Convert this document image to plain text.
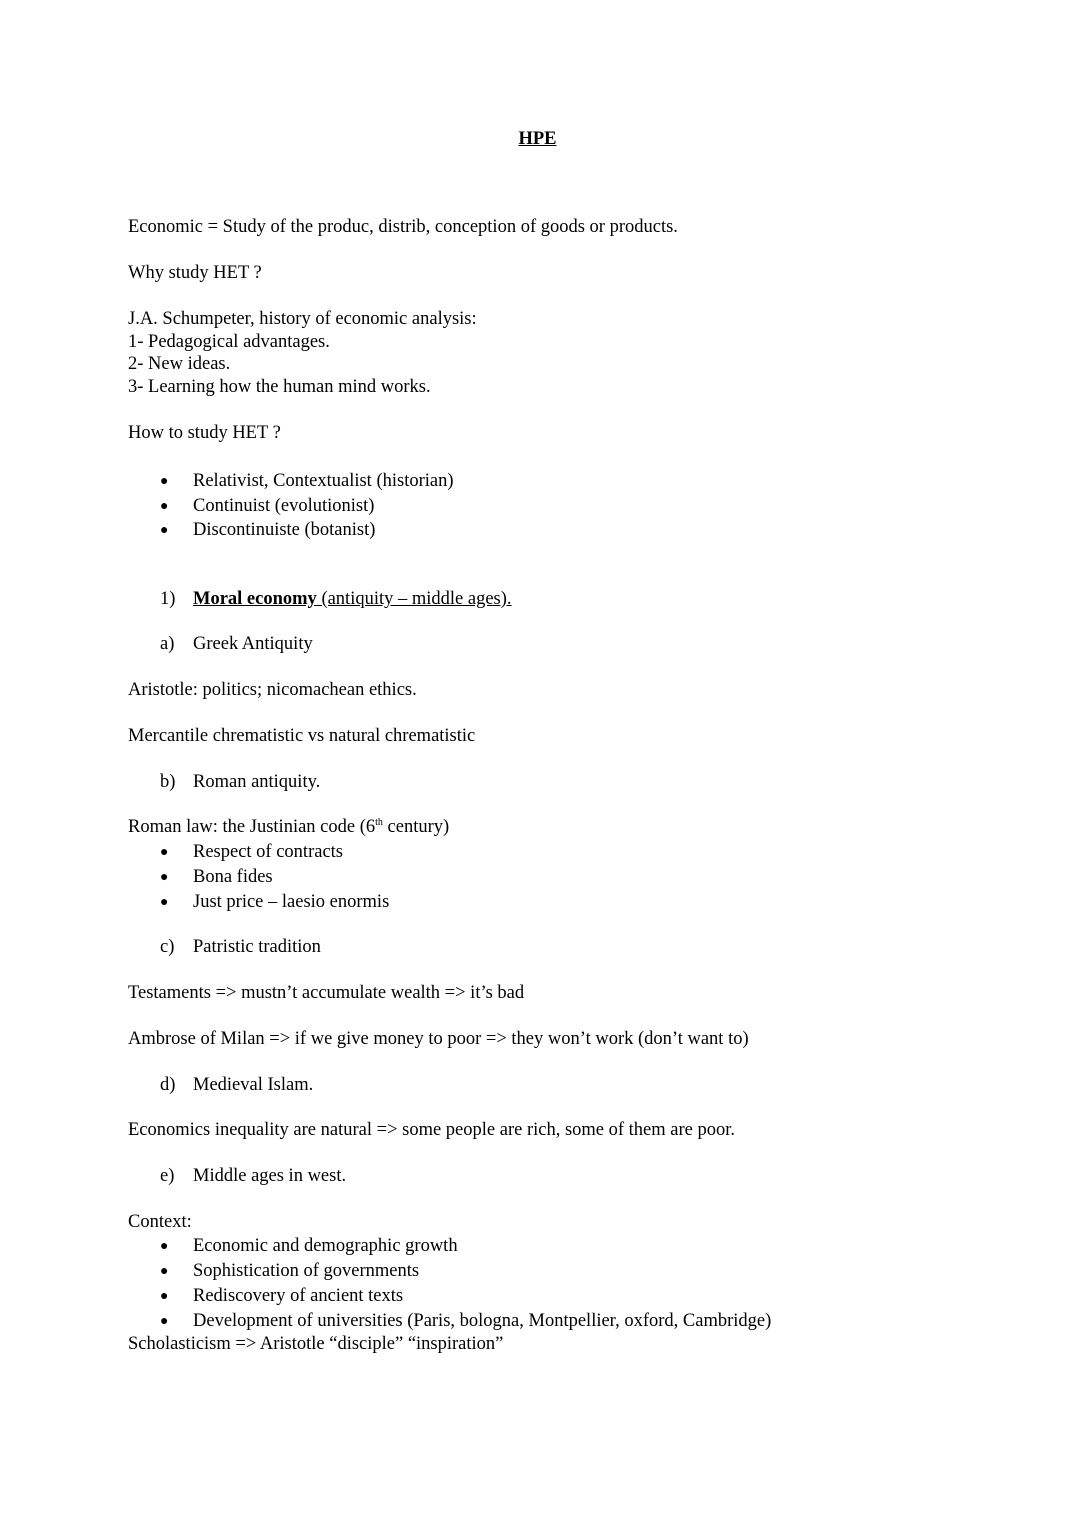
HPE
Economic = Study of the produc, distrib, conception of goods or products.
Why study HET ?
J.A. Schumpeter, history of economic analysis:
1- Pedagogical advantages.
2- New ideas.
3- Learning how the human mind works.
How to study HET ?
●	Relativist, Contextualist (historian)
●	Continuist (evolutionist)
●	Discontinuiste (botanist)
1) Moral economy (antiquity – middle ages).
a) Greek Antiquity
Aristotle: politics; nicomachean ethics.
Mercantile chrematistic vs natural chrematistic
b) Roman antiquity.
Roman law: the Justinian code (6th century)
●	Respect of contracts
●	Bona fides
●	Just price – laesio enormis
c) Patristic tradition
Testaments => mustn’t accumulate wealth => it’s bad
Ambrose of Milan => if we give money to poor => they won’t work (don’t want to)
d) Medieval Islam.
Economics inequality are natural => some people are rich, some of them are poor.
e) Middle ages in west.
Context:
●	Economic and demographic growth
●	Sophistication of governments
●	Rediscovery of ancient texts
●	Development of universities (Paris, bologna, Montpellier, oxford, Cambridge)
Scholasticism => Aristotle “disciple” “inspiration”
